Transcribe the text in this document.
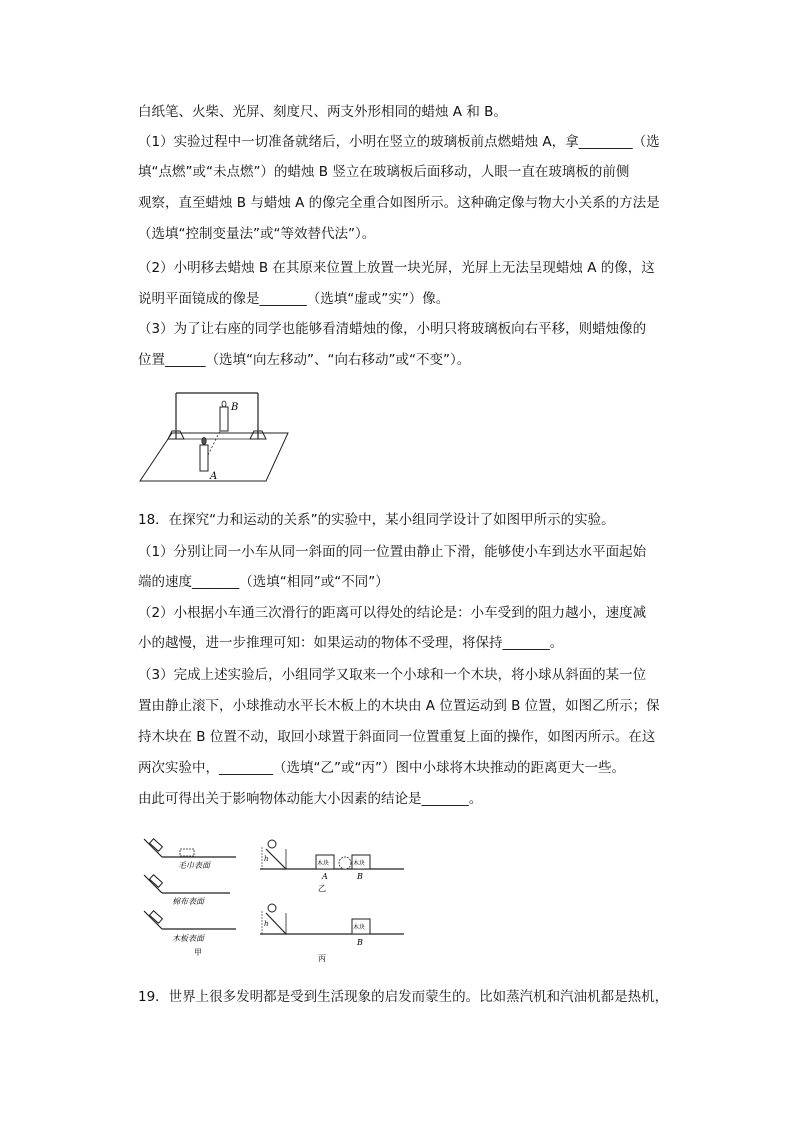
白纸笔、火柴、光屏、刻度尺、两支外形相同的蜡烛 A 和 B。
（1）实验过程中一切准备就绪后，小明在竖立的玻璃板前点燃蜡烛 A，拿________（选
填“点燃”或“未点燃”）的蜡烛 B 竖立在玻璃板后面移动，人眼一直在玻璃板的前侧
观察，直至蜡烛 B 与蜡烛 A 的像完全重合如图所示。这种确定像与物大小关系的方法是
（选填“控制变量法”或“等效替代法”）。
（2）小明移去蜡烛 B 在其原来位置上放置一块光屏，光屏上无法呈现蜡烛 A 的像，这
说明平面镜成的像是_______（选填“虚或”实”）像。
（3）为了让右座的同学也能够看清蜡烛的像，小明只将玻璃板向右平移，则蜡烛像的
位置______（选填“向左移动”、“向右移动”或“不变”）。
B
A
18．在探究“力和运动的关系”的实验中，某小组同学设计了如图甲所示的实验。
（1）分别让同一小车从同一斜面的同一位置由静止下滑，能够使小车到达水平面起始
端的速度_______（选填“相同”或“不同”）
（2）小根据小车通三次滑行的距离可以得处的结论是：小车受到的阻力越小，速度减
小的越慢，进一步推理可知：如果运动的物体不受理，将保持_______。
（3）完成上述实验后，小组同学又取来一个小球和一个木块，将小球从斜面的某一位
置由静止滚下，小球推动水平长木板上的木块由 A 位置运动到 B 位置，如图乙所示；保
持木块在 B 位置不动，取回小球置于斜面同一位置重复上面的操作，如图丙所示。在这
两次实验中，________（选填“乙”或“丙”）图中小球将木块推动的距离更大一些。
由此可得出关于影响物体动能大小因素的结论是_______。
毛巾表面
棉布表面
木板表面
甲
h
木块	木块
A	B
乙
h	木块
B
丙
19．世界上很多发明都是受到生活现象的启发而蒙生的。比如蒸汽机和汽油机都是热机，
